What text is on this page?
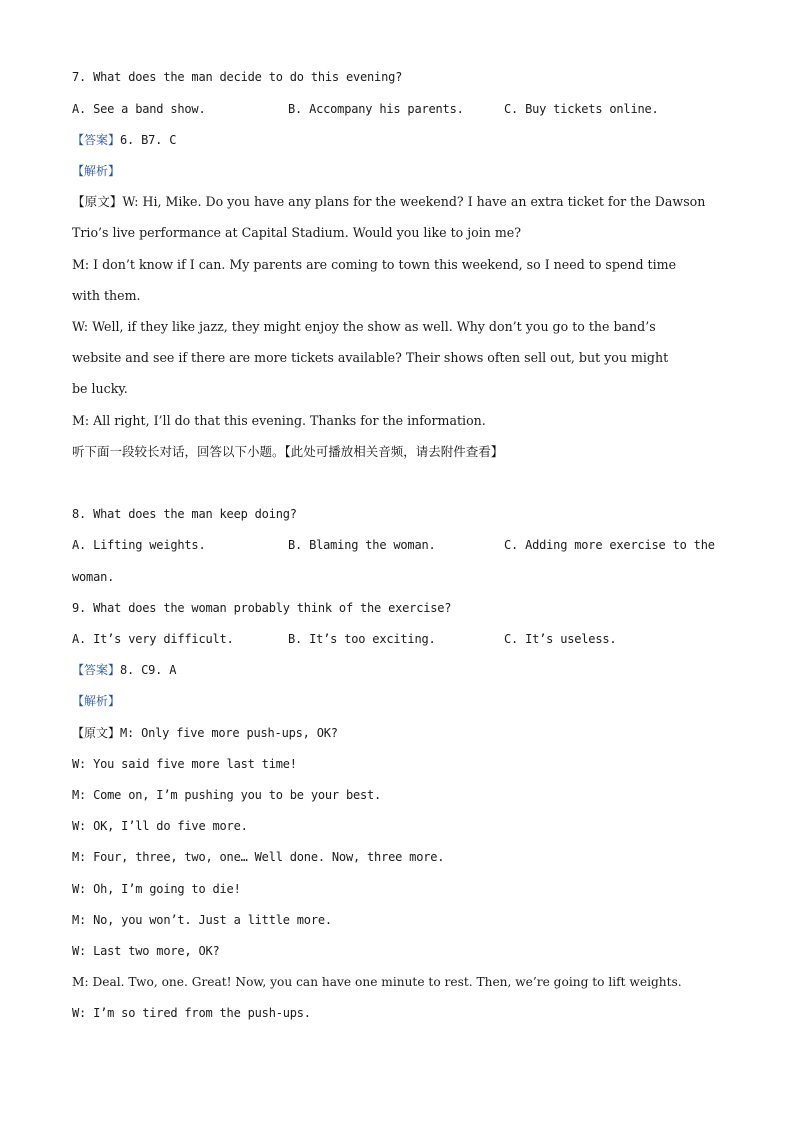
7. What does the man decide to do this evening?
A. See a band show.	B. Accompany his parents.	C. Buy tickets online.
【答案】6. B7. C
【解析】
【原文】W: Hi, Mike. Do you have any plans for the weekend? I have an extra ticket for the Dawson
Trio’s live performance at Capital Stadium. Would you like to join me?
M: I don’t know if I can. My parents are coming to town this weekend, so I need to spend time
with them.
W: Well, if they like jazz, they might enjoy the show as well. Why don’t you go to the band’s
website and see if there are more tickets available? Their shows often sell out, but you might
be lucky.
M: All right, I’ll do that this evening. Thanks for the information.
听下面一段较长对话，回答以下小题。【此处可播放相关音频，请去附件查看】
8. What does the man keep doing?
A. Lifting weights.	B. Blaming the woman.	C. Adding more exercise to the
woman.
9. What does the woman probably think of the exercise?
A. It’s very difficult.	B. It’s too exciting.	C. It’s useless.
【答案】8. C9. A
【解析】
【原文】M: Only five more push-ups, OK?
W: You said five more last time!
M: Come on, I’m pushing you to be your best.
W: OK, I’ll do five more.
M: Four, three, two, one… Well done. Now, three more.
W: Oh, I’m going to die!
M: No, you won’t. Just a little more.
W: Last two more, OK?
M: Deal. Two, one. Great! Now, you can have one minute to rest. Then, we’re going to lift weights.
W: I’m so tired from the push-ups.
